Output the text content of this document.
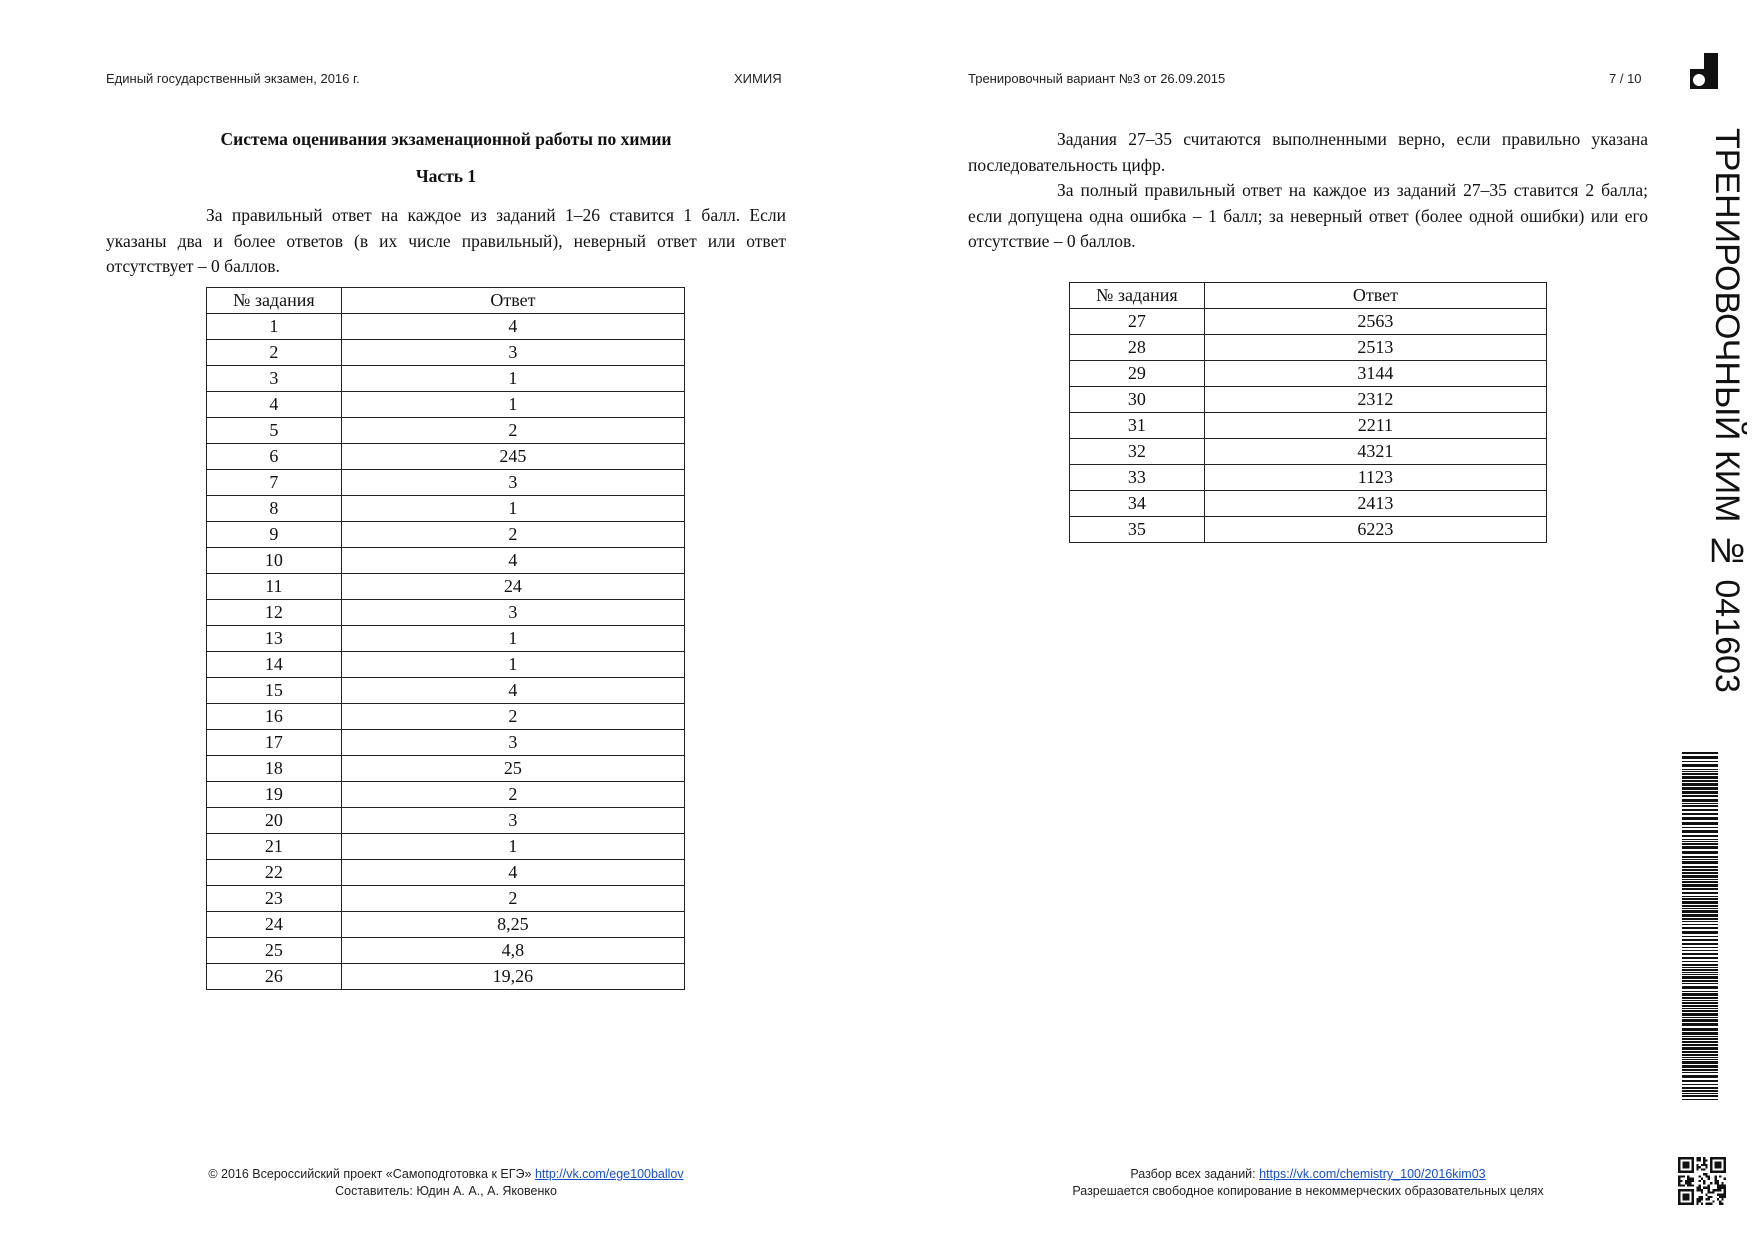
Единый государственный экзамен, 2016 г.	ХИМИЯ	Тренировочный вариант №3 от 26.09.2015	7 / 10
Система оценивания экзаменационной работы по химии
Часть 1

За правильный ответ на каждое из заданий 1–26 ставится 1 балл. Если указаны два и более ответов (в их числе правильный), неверный ответ или ответ отсутствует – 0 баллов.

№ задания	Ответ
1	4
2	3
3	1
4	1
5	2
6	245
7	3
8	1
9	2
10	4
11	24
12	3
13	1
14	1
15	4
16	2
17	3
18	25
19	2
20	3
21	1
22	4
23	2
24	8,25
25	4,8
26	19,26

Задания 27–35 считаются выполненными верно, если правильно указана последовательность цифр.

За полный правильный ответ на каждое из заданий 27–35 ставится 2 балла; если допущена одна ошибка – 1 балл; за неверный ответ (более одной ошибки) или его отсутствие – 0 баллов.

№ задания	Ответ
27	2563
28	2513
29	3144
30	2312
31	2211
32	4321
33	1123
34	2413
35	6223
© 2016 Всероссийский проект «Самоподготовка к ЕГЭ» http://vk.com/ege100ballov
Составитель: Юдин А. А., А. Яковенко
Разбор всех заданий: https://vk.com/chemistry_100/2016kim03
Разрешается свободное копирование в некоммерческих образовательных целях
ТРЕНИРОВОЧНЫЙ КИМ № 041603
